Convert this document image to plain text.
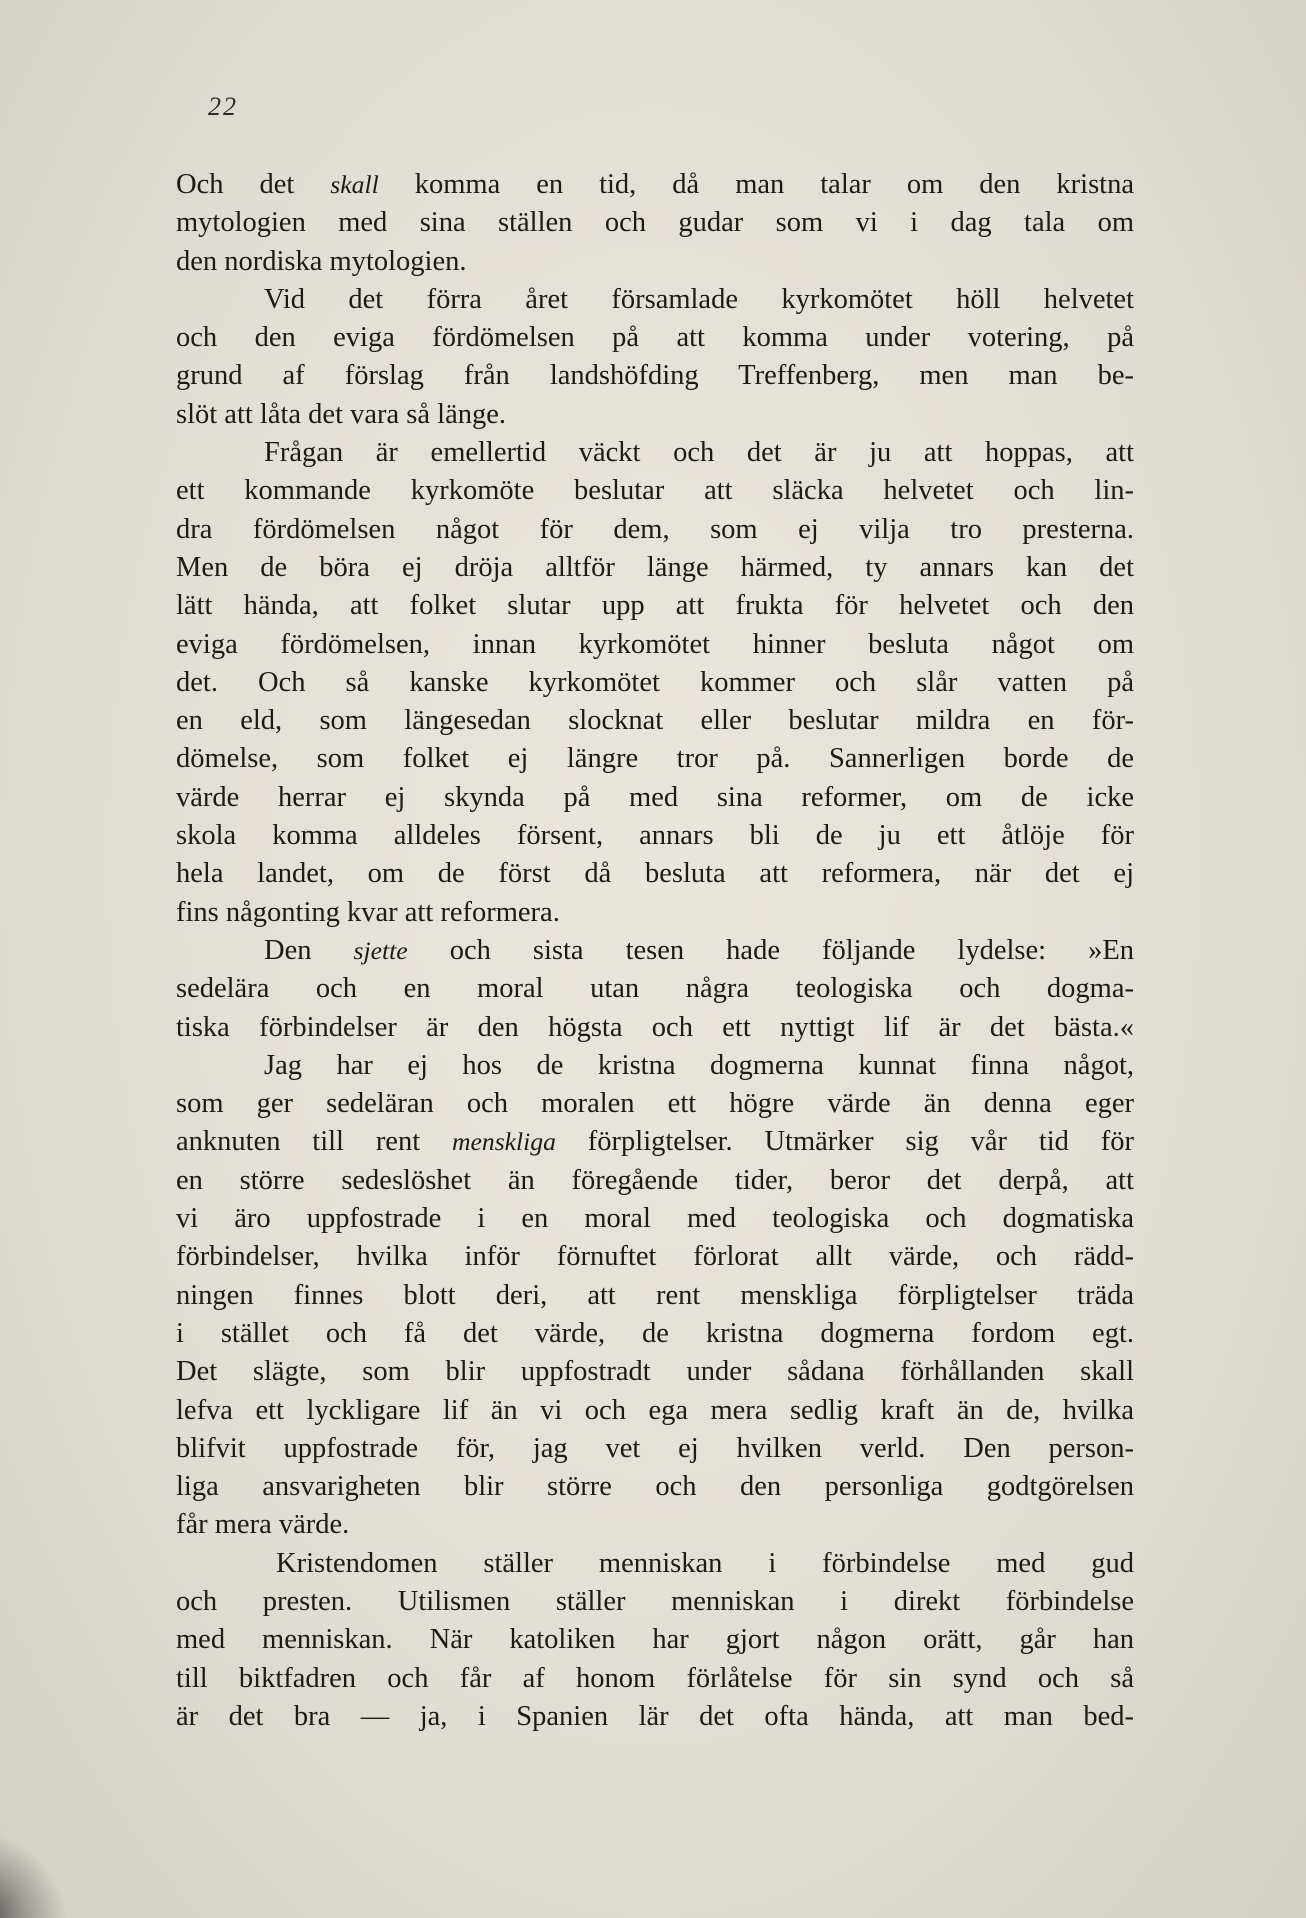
22
Och det skall komma en tid, då man talar om den kristna
mytologien med sina ställen och gudar som vi i dag tala om
den nordiska mytologien.
Vid det förra året församlade kyrkomötet höll helvetet
och den eviga fördömelsen på att komma under votering, på
grund af förslag från landshöfding Treffenberg, men man be-
slöt att låta det vara så länge.
Frågan är emellertid väckt och det är ju att hoppas, att
ett kommande kyrkomöte beslutar att släcka helvetet och lin-
dra fördömelsen något för dem, som ej vilja tro presterna.
Men de böra ej dröja alltför länge härmed, ty annars kan det
lätt hända, att folket slutar upp att frukta för helvetet och den
eviga fördömelsen, innan kyrkomötet hinner besluta något om
det. Och så kanske kyrkomötet kommer och slår vatten på
en eld, som längesedan slocknat eller beslutar mildra en för-
dömelse, som folket ej längre tror på. Sannerligen borde de
värde herrar ej skynda på med sina reformer, om de icke
skola komma alldeles försent, annars bli de ju ett åtlöje för
hela landet, om de först då besluta att reformera, när det ej
fins någonting kvar att reformera.
Den sjette och sista tesen hade följande lydelse: »En
sedelära och en moral utan några teologiska och dogma-
tiska förbindelser är den högsta och ett nyttigt lif är det bästa.«
Jag har ej hos de kristna dogmerna kunnat finna något,
som ger sedeläran och moralen ett högre värde än denna eger
anknuten till rent menskliga förpligtelser. Utmärker sig vår tid för
en större sedeslöshet än föregående tider, beror det derpå, att
vi äro uppfostrade i en moral med teologiska och dogmatiska
förbindelser, hvilka inför förnuftet förlorat allt värde, och rädd-
ningen finnes blott deri, att rent menskliga förpligtelser träda
i stället och få det värde, de kristna dogmerna fordom egt.
Det slägte, som blir uppfostradt under sådana förhållanden skall
lefva ett lyckligare lif än vi och ega mera sedlig kraft än de, hvilka
blifvit uppfostrade för, jag vet ej hvilken verld. Den person-
liga ansvarigheten blir större och den personliga godtgörelsen
får mera värde.
Kristendomen ställer menniskan i förbindelse med gud
och presten. Utilismen ställer menniskan i direkt förbindelse
med menniskan. När katoliken har gjort någon orätt, går han
till biktfadren och får af honom förlåtelse för sin synd och så
är det bra — ja, i Spanien lär det ofta hända, att man bed-
